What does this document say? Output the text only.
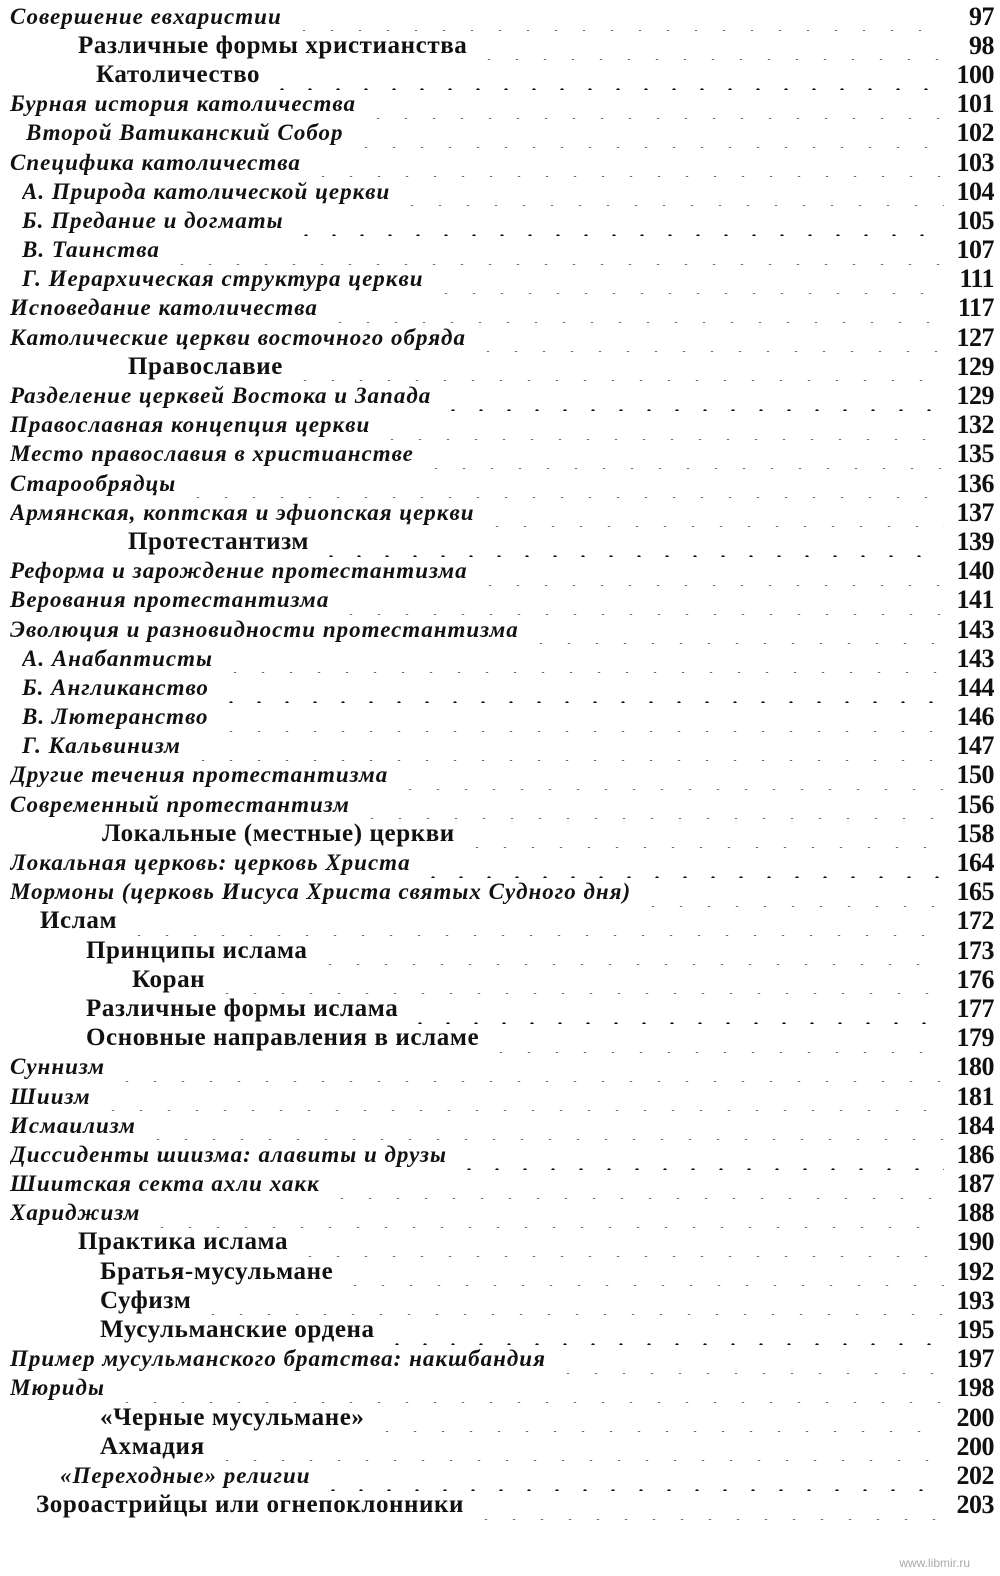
Совершение евхаристии	97
Различные формы христианства	98
Католичество	100
Бурная история католичества	101
Второй Ватиканский Собор	102
Специфика католичества	103
А. Природа католической церкви	104
Б. Предание и догматы	105
В. Таинства	107
Г. Иерархическая структура церкви	111
Исповедание католичества	117
Католические церкви восточного обряда	127
Православие	129
Разделение церквей Востока и Запада	129
Православная концепция церкви	132
Место православия в христианстве	135
Старообрядцы	136
Армянская, коптская и эфиопская церкви	137
Протестантизм	139
Реформа и зарождение протестантизма	140
Верования протестантизма	141
Эволюция и разновидности протестантизма	143
А. Анабаптисты	143
Б. Англиканство	144
В. Лютеранство	146
Г. Кальвинизм	147
Другие течения протестантизма	150
Современный протестантизм	156
Локальные (местные) церкви	158
Локальная церковь: церковь Христа	164
Мормоны (церковь Иисуса Христа святых Судного дня)	165
Ислам	172
Принципы ислама	173
Коран	176
Различные формы ислама	177
Основные направления в исламе	179
Суннизм	180
Шиизм	181
Исмаилизм	184
Диссиденты шиизма: алавиты и друзы	186
Шиитская секта ахли хакк	187
Хариджизм	188
Практика ислама	190
Братья-мусульмане	192
Суфизм	193
Мусульманские ордена	195
Пример мусульманского братства: накшбандия	197
Мюриды	198
«Черные мусульмане»	200
Ахмадия	200
«Переходные» религии	202
Зороастрийцы или огнепоклонники	203
www.libmir.ru
